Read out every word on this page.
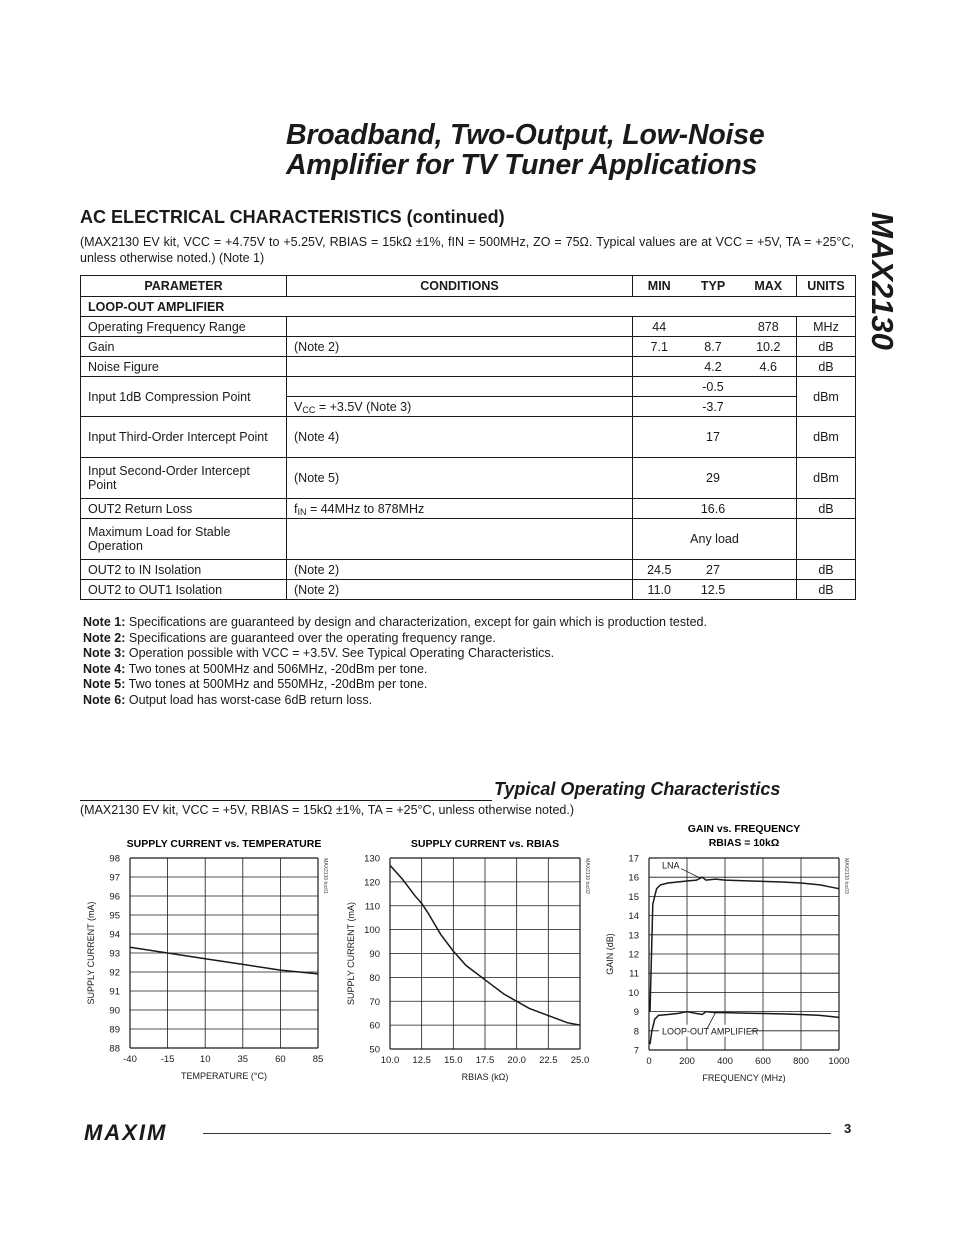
Broadband, Two-Output, Low-Noise
Amplifier for TV Tuner Applications
MAX2130
AC ELECTRICAL CHARACTERISTICS (continued)
(MAX2130 EV kit, VCC = +4.75V to +5.25V, RBIAS = 15kΩ ±1%, fIN = 500MHz, ZO = 75Ω. Typical values are at VCC = +5V, TA = +25°C, unless otherwise noted.) (Note 1)
PARAMETER	CONDITIONS	MIN	TYP	MAX	UNITS
LOOP-OUT AMPLIFIER					
Operating Frequency Range		44		878	MHz
Gain	(Note 2)	7.1	8.7	10.2	dB
Noise Figure			4.2	4.6	dB
Input 1dB Compression Point			-0.5		dBm
	$V_{CC} = +3.5V$ (Note 3)		-3.7		
Input Third-Order Intercept Point	(Note 4)		17		dBm
Input Second-Order Intercept Point	(Note 5)		29		dBm
OUT2 Return Loss	$f_{IN} = 44MHz$ to 878MHz		16.6		dB
Maximum Load for Stable Operation		Any load			
OUT2 to IN Isolation	(Note 2)	24.5	27		dB
OUT2 to OUT1 Isolation	(Note 2)	11.0	12.5		dB
Note 1: Specifications are guaranteed by design and characterization, except for gain which is production tested.
Note 2: Specifications are guaranteed over the operating frequency range.
Note 3: Operation possible with VCC = +3.5V. See Typical Operating Characteristics.
Note 4: Two tones at 500MHz and 506MHz, -20dBm per tone.
Note 5: Two tones at 500MHz and 550MHz, -20dBm per tone.
Note 6: Output load has worst-case 6dB return loss.
Typical Operating Characteristics
(MAX2130 EV kit, VCC = +5V, RBIAS = 15kΩ ±1%, TA = +25°C, unless otherwise noted.)
SUPPLY CURRENT vs. TEMPERATURE
-40	-15	10	35	60	85
98
97
96
95
94
93
92
91
90
89
88
TEMPERATURE (°C)
SUPPLY CURRENT (mA)
MAX2130 toc01
SUPPLY CURRENT vs. RBIAS
10.0 12.5 15.0 17.5 20.0 22.5 25.0
130
120
110
100
90
80
70
60
50
RBIAS (kΩ)
SUPPLY CURRENT (mA)
MAX2130 toc02
GAIN vs. FREQUENCY
RBIAS = 10kΩ
0	200 400 600 800 1000
17
16
15
14
13
12
11
10
9
8
7
FREQUENCY (MHz)
GAIN (dB)
MAX2130 toc03
LNA
LOOP-OUT AMPLIFIER
MAXIM	3
